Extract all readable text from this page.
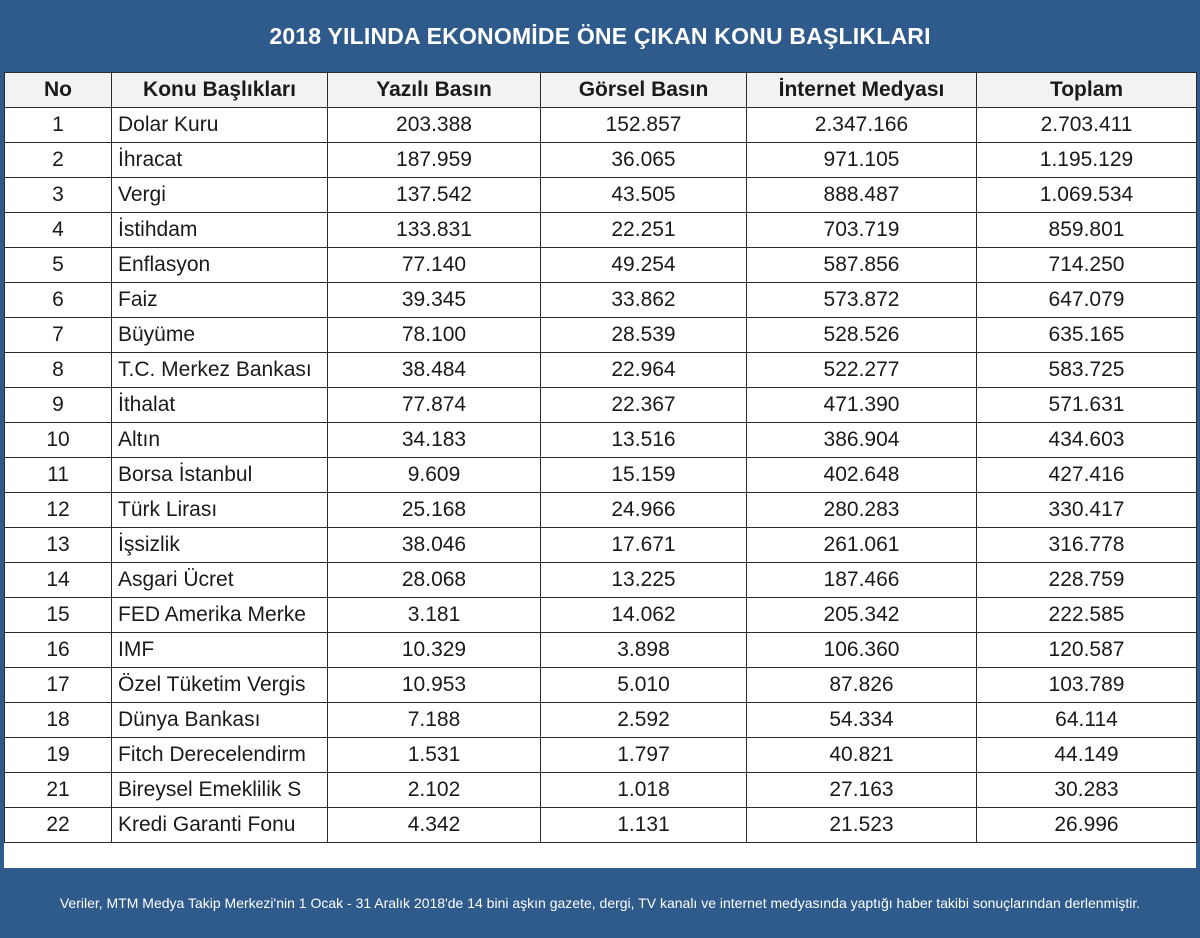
2018 YILINDA EKONOMİDE ÖNE ÇIKAN KONU BAŞLIKLARI
No	Konu Başlıkları	Yazılı Basın	Görsel Basın	İnternet Medyası	Toplam
1	Dolar Kuru	203.388	152.857	2.347.166	2.703.411
2	İhracat	187.959	36.065	971.105	1.195.129
3	Vergi	137.542	43.505	888.487	1.069.534
4	İstihdam	133.831	22.251	703.719	859.801
5	Enflasyon	77.140	49.254	587.856	714.250
6	Faiz	39.345	33.862	573.872	647.079
7	Büyüme	78.100	28.539	528.526	635.165
8	T.C. Merkez Bankası	38.484	22.964	522.277	583.725
9	İthalat	77.874	22.367	471.390	571.631
10	Altın	34.183	13.516	386.904	434.603
11	Borsa İstanbul	9.609	15.159	402.648	427.416
12	Türk Lirası	25.168	24.966	280.283	330.417
13	İşsizlik	38.046	17.671	261.061	316.778
14	Asgari Ücret	28.068	13.225	187.466	228.759
15	FED Amerika Merke	3.181	14.062	205.342	222.585
16	IMF	10.329	3.898	106.360	120.587
17	Özel Tüketim Vergis	10.953	5.010	87.826	103.789
18	Dünya Bankası	7.188	2.592	54.334	64.114
19	Fitch Derecelendirm	1.531	1.797	40.821	44.149
21	Bireysel Emeklilik S	2.102	1.018	27.163	30.283
22	Kredi Garanti Fonu	4.342	1.131	21.523	26.996
Veriler, MTM Medya Takip Merkezi'nin 1 Ocak - 31 Aralık 2018'de 14 bini aşkın gazete, dergi, TV kanalı ve internet medyasında yaptığı haber takibi sonuçlarından derlenmiştir.
